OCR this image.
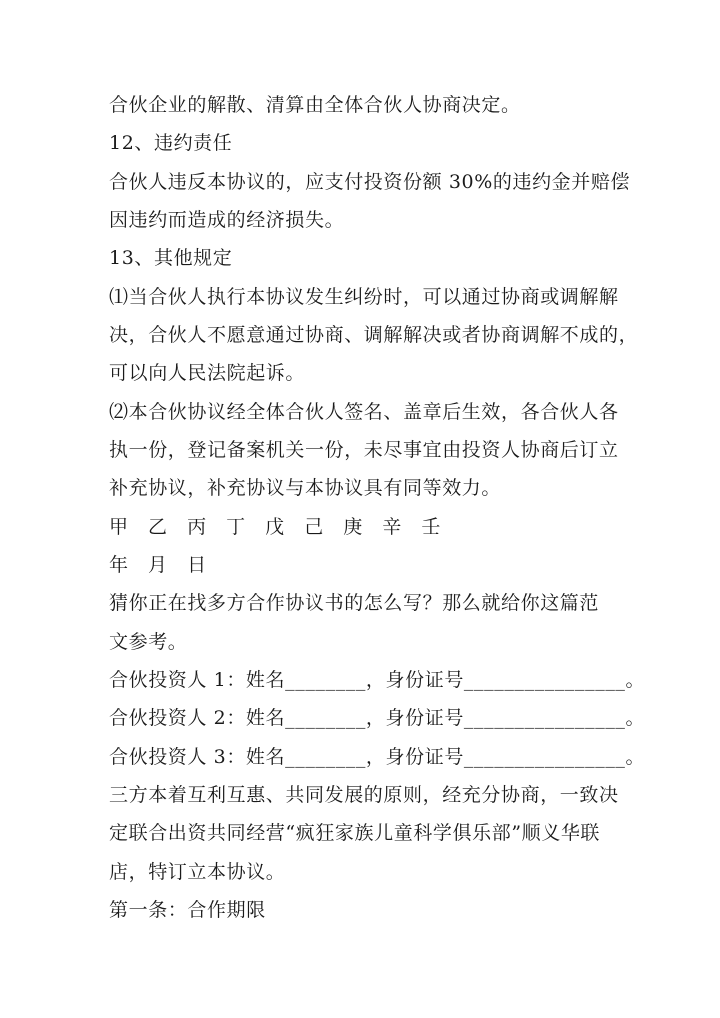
合伙企业的解散、清算由全体合伙人协商决定。
12、违约责任
合伙人违反本协议的，应支付投资份额 30%的违约金并赔偿
因违约而造成的经济损失。
13、其他规定
⑴当合伙人执行本协议发生纠纷时，可以通过协商或调解解
决，合伙人不愿意通过协商、调解解决或者协商调解不成的，
可以向人民法院起诉。
⑵本合伙协议经全体合伙人签名、盖章后生效，各合伙人各
执一份，登记备案机关一份，未尽事宜由投资人协商后订立
补充协议，补充协议与本协议具有同等效力。
甲 乙 丙 丁 戊 己 庚 辛 壬
年 月 日
猜你正在找多方合作协议书的怎么写？那么就给你这篇范
文参考。
合伙投资人 1：姓名________，身份证号________________。
合伙投资人 2：姓名________，身份证号________________。
合伙投资人 3：姓名________，身份证号________________。
三方本着互利互惠、共同发展的原则，经充分协商，一致决
定联合出资共同经营“疯狂家族儿童科学俱乐部”顺义华联
店，特订立本协议。
第一条：合作期限
